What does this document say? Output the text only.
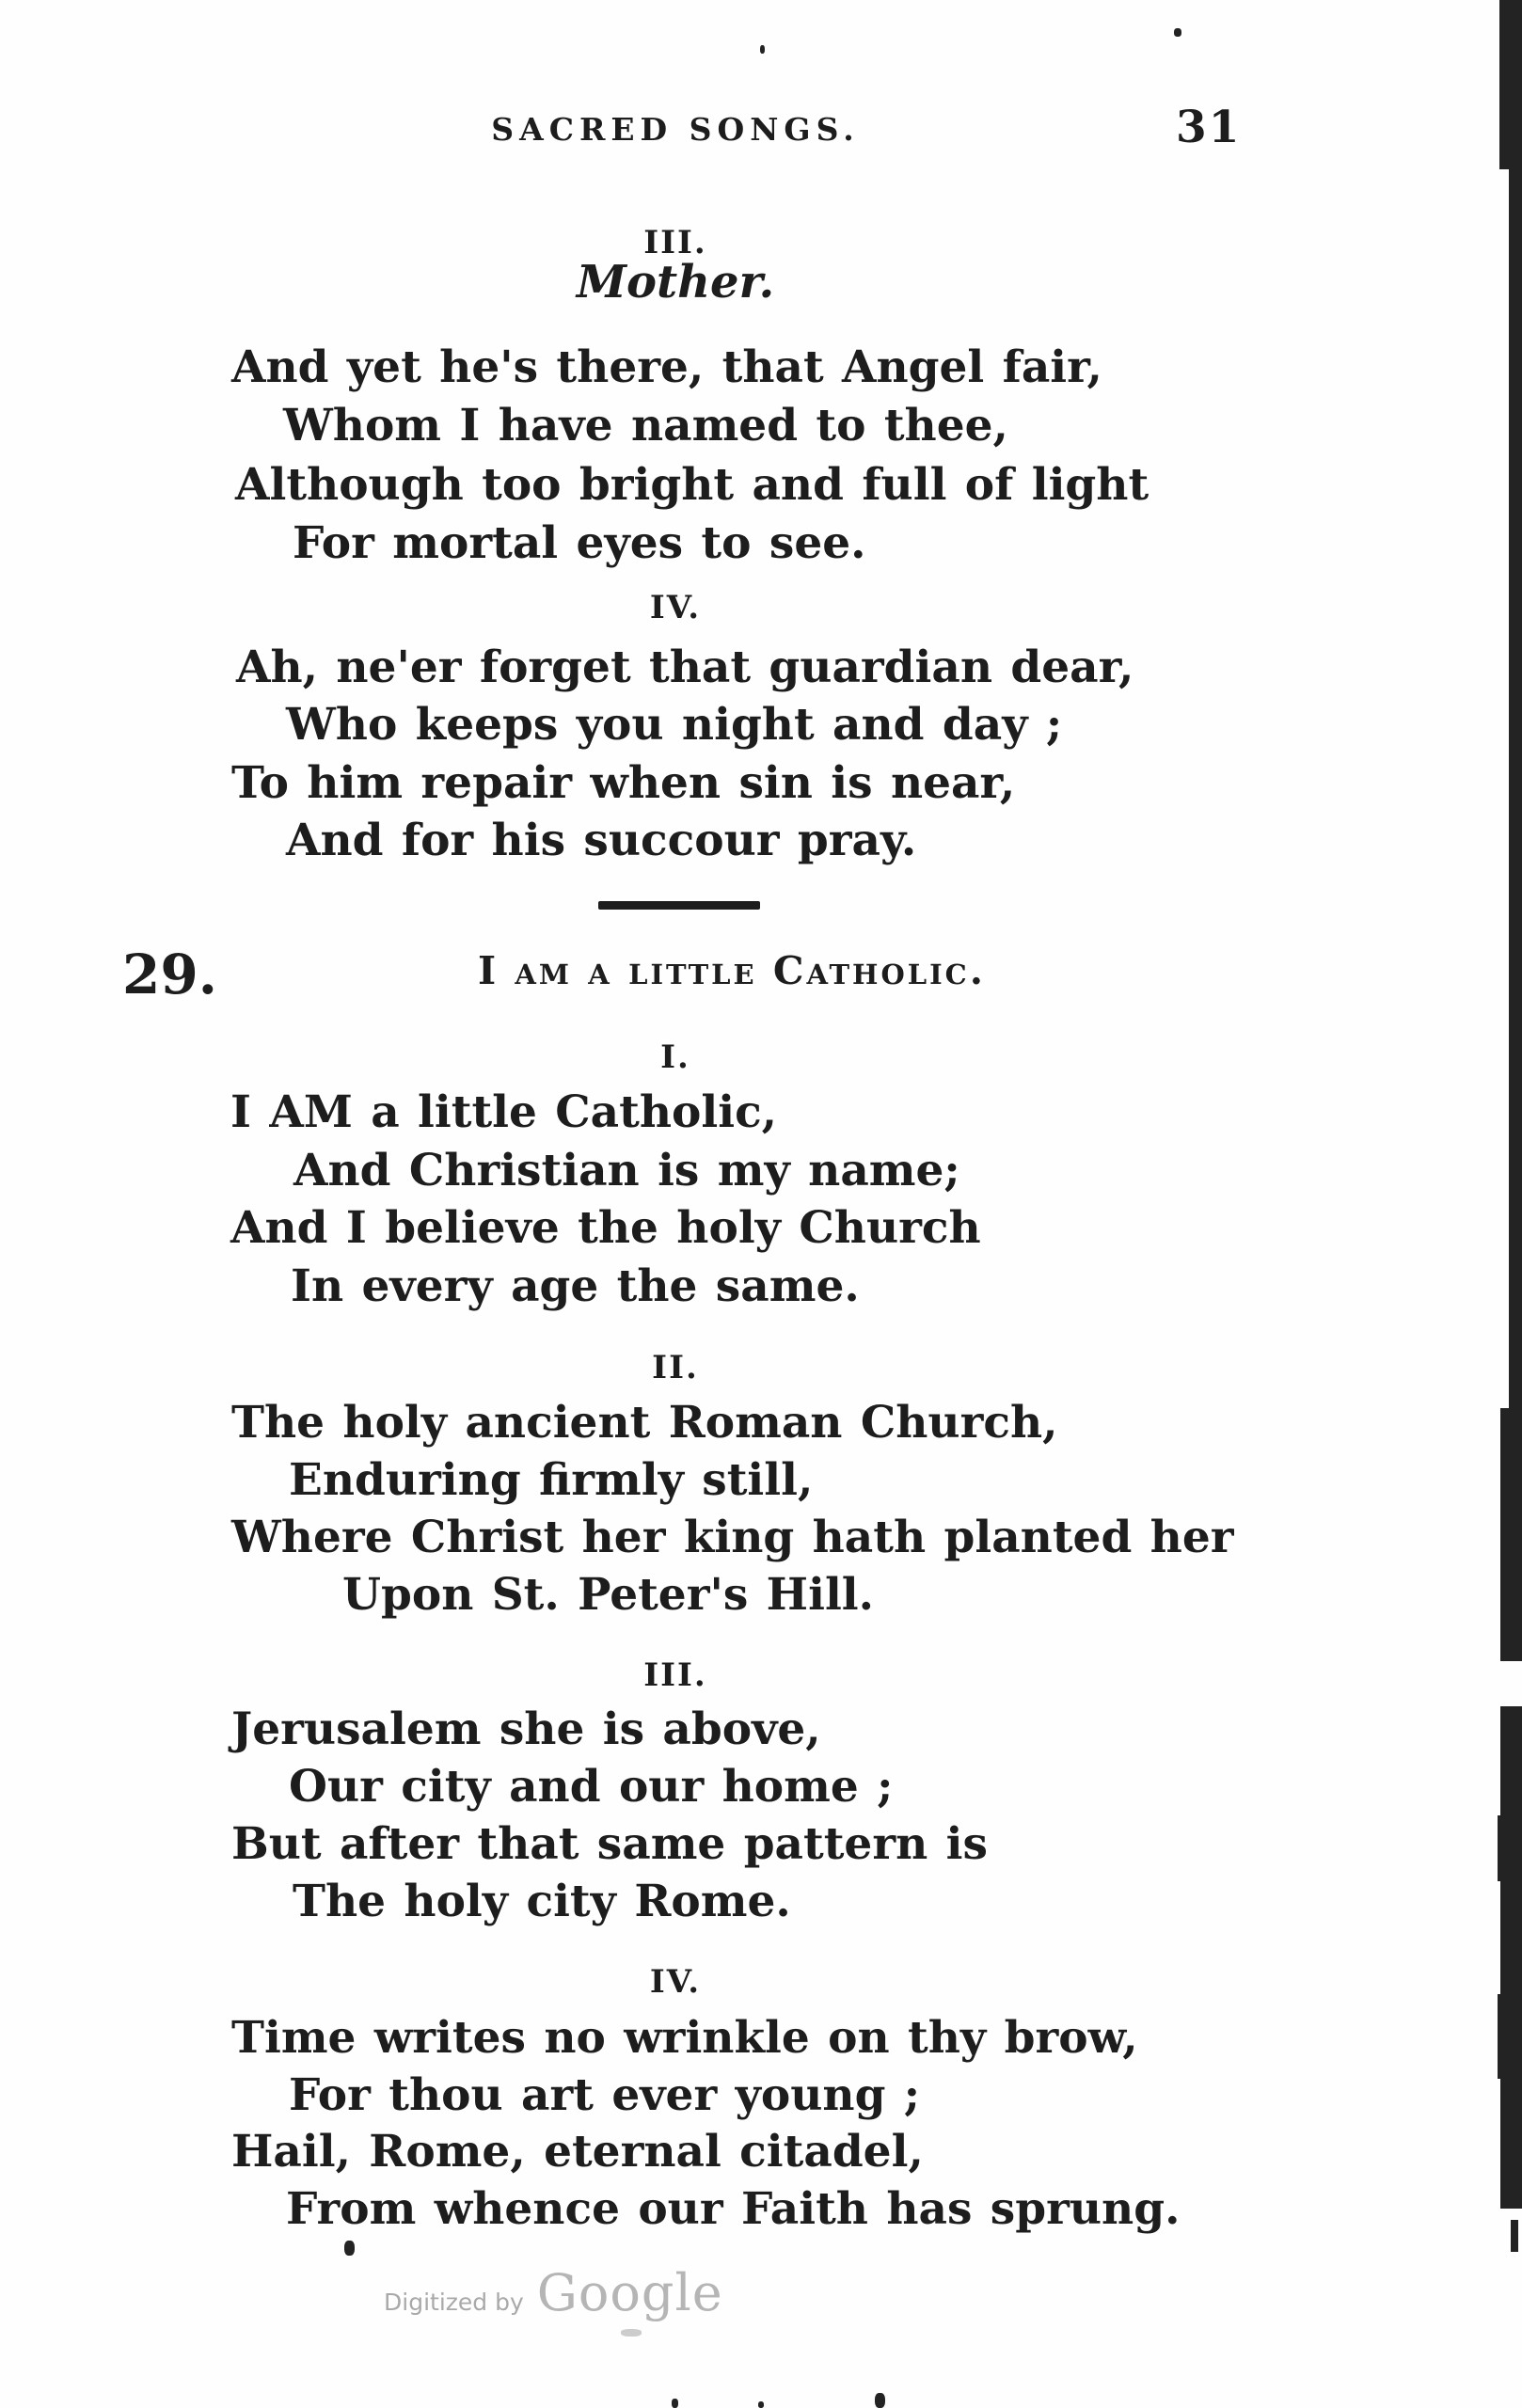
SACRED SONGS.	31
III.
Mother.
And yet he's there, that Angel fair,
Whom I have named to thee,
Although too bright and full of light
For mortal eyes to see.
IV.
Ah, ne'er forget that guardian dear,
Who keeps you night and day ;
To him repair when sin is near,
And for his succour pray.
29.	I am a little Catholic.
I.
I AM a little Catholic,
And Christian is my name;
And I believe the holy Church
In every age the same.
II.
The holy ancient Roman Church,
Enduring firmly still,
Where Christ her king hath planted her
Upon St. Peter's Hill.
III.
Jerusalem she is above,
Our city and our home ;
But after that same pattern is
The holy city Rome.
IV.
Time writes no wrinkle on thy brow,
For thou art ever young ;
Hail, Rome, eternal citadel,
From whence our Faith has sprung.
Digitized by Google
